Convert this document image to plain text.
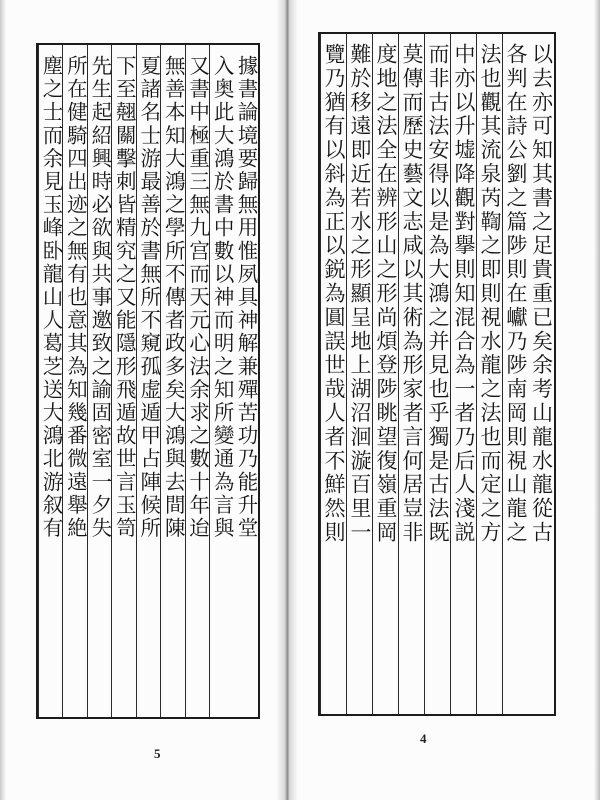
據書論境要歸無用惟夙具神解兼殫苦功乃能升堂
入奥此大鴻於書中數以神而明之知所變通為言與
又書中極重三無九宫而天元心法余求之數十年迨
無善本知大鴻之學所不傳者政多矣大鴻與去間陳
夏諸名士游最善於書無所不窺孤虚遁甲占陣候所
下至翹關擊刺皆精究之又能隱形飛遁故世言玉笥
先生起紹興時必欲與共事邀致之諭固密室一夕失
所在健騎四出迹之無有也意其為知幾番微遠舉絶
塵之士而余見玉峰卧龍山人葛芝送大鴻北游叙有
5
以去亦可知其書之足貴重已矣余考山龍水龍從古
各判在詩公劉之篇陟則在巘乃陟南岡則視山龍之
法也觀其流泉芮鞫之即則視水龍之法也而定之方
中亦以升墟降觀對擧則知混合為一者乃后人淺説
而非古法安得以是為大鴻之并見也乎獨是古法既
莫傳而歷史藝文志咸以其術為形家者言何居豈非
度地之法全在辨形山之形尚煩登陟眺望復嶺重岡
難於移遠即近若水之形顯呈地上湖沼洄漩百里一
覽乃猶有以斜為正以鋭為圓誤世哉人者不鮮然則
4
